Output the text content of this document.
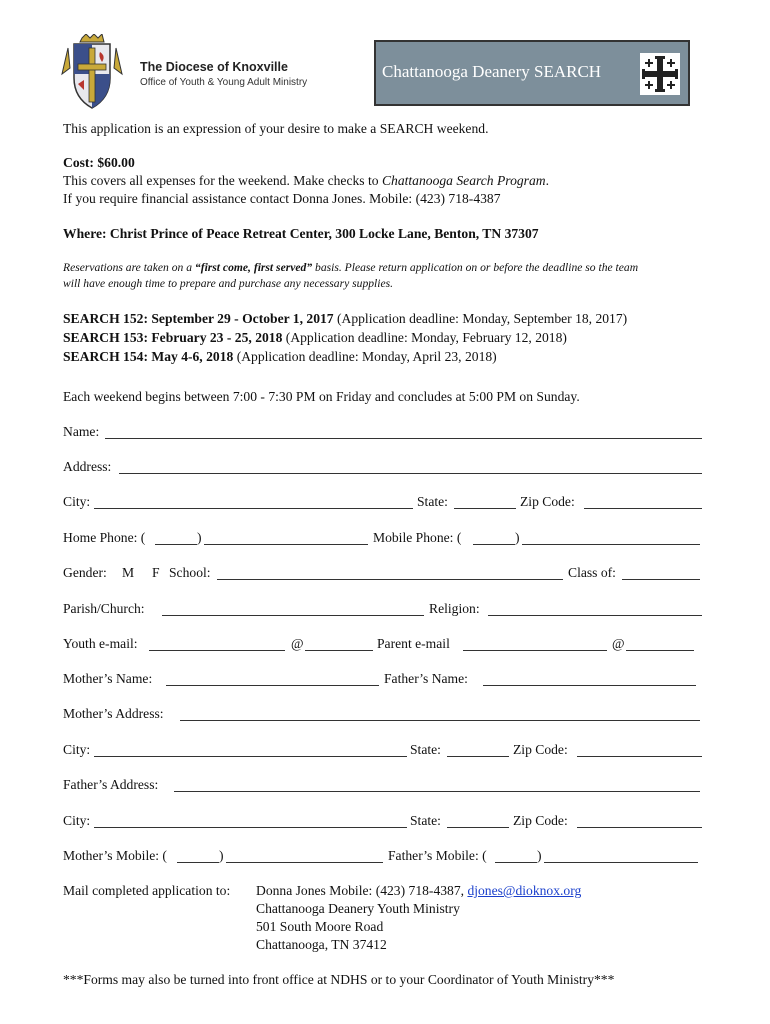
The Diocese of Knoxville
Office of Youth & Young Adult Ministry
Chattanooga Deanery SEARCH
This application is an expression of your desire to make a SEARCH weekend.
Cost: $60.00
This covers all expenses for the weekend. Make checks to Chattanooga Search Program.
If you require financial assistance contact Donna Jones. Mobile: (423) 718-4387
Where: Christ Prince of Peace Retreat Center, 300 Locke Lane, Benton, TN 37307
Reservations are taken on a “first come, first served” basis. Please return application on or before the deadline so the team
will have enough time to prepare and purchase any necessary supplies.
SEARCH 152: September 29 - October 1, 2017 (Application deadline: Monday, September 18, 2017)
SEARCH 153: February 23 - 25, 2018 (Application deadline: Monday, February 12, 2018)
SEARCH 154: May 4-6, 2018 (Application deadline: Monday, April 23, 2018)
Each weekend begins between 7:00 - 7:30 PM on Friday and concludes at 5:00 PM on Sunday.
Name:
Address:
City:	State:	Zip Code:
Home Phone: (	)	Mobile Phone: (	)
Gender: M F School:	Class of:
Parish/Church:	Religion:
Youth e-mail:	@	Parent e-mail	@
Mother’s Name:	Father’s Name:
Mother’s Address:
City:	State:	Zip Code:
Father’s Address:
City:	State:	Zip Code:
Mother’s Mobile: (	)	Father’s Mobile: (	)
Mail completed application to: Donna Jones Mobile: (423) 718-4387, djones@dioknox.org
Chattanooga Deanery Youth Ministry
501 South Moore Road
Chattanooga, TN 37412
***Forms may also be turned into front office at NDHS or to your Coordinator of Youth Ministry***
